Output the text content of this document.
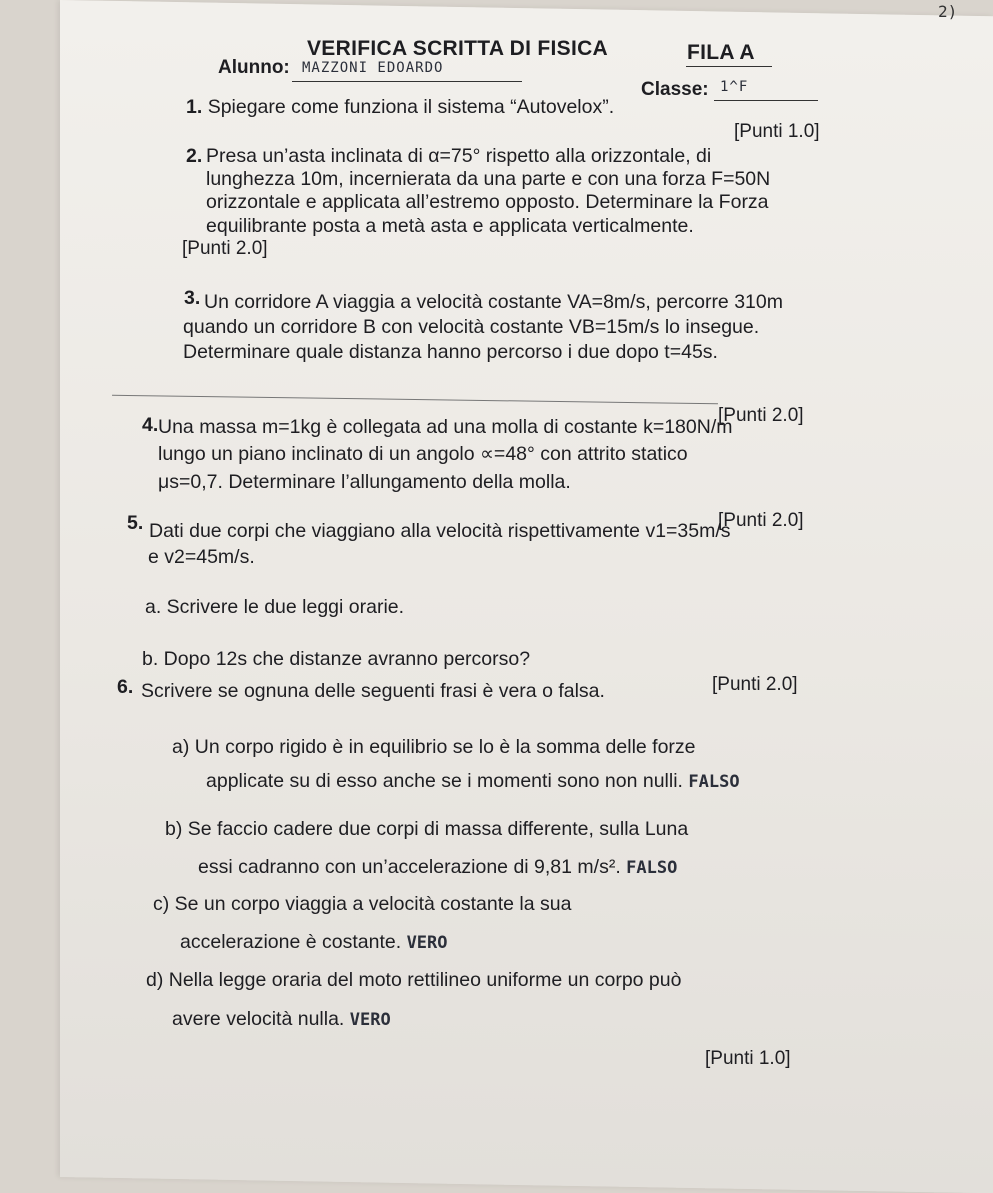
2)
VERIFICA SCRITTA DI FISICA	FILA A
Alunno: MAZZONI EDOARDO
Classe: 1^F
1. Spiegare come funziona il sistema “Autovelox”.
[Punti 1.0]
2. Presa un’asta inclinata di α=75° rispetto alla orizzontale, di
lunghezza 10m, incernierata da una parte e con una forza F=50N
orizzontale e applicata all’estremo opposto. Determinare la Forza
equilibrante posta a metà asta e applicata verticalmente.
[Punti 2.0]
3. Un corridore A viaggia a velocità costante VA=8m/s, percorre 310m
quando un corridore B con velocità costante VB=15m/s lo insegue.
Determinare quale distanza hanno percorso i due dopo t=45s.
[Punti 2.0]
4. Una massa m=1kg è collegata ad una molla di costante k=180N/m
lungo un piano inclinato di un angolo ∝=48° con attrito statico
μs=0,7. Determinare l’allungamento della molla.
[Punti 2.0]
5. Dati due corpi che viaggiano alla velocità rispettivamente v1=35m/s
e v2=45m/s.
a. Scrivere le due leggi orarie.
b. Dopo 12s che distanze avranno percorso?
[Punti 2.0]
6. Scrivere se ognuna delle seguenti frasi è vera o falsa.
a) Un corpo rigido è in equilibrio se lo è la somma delle forze
applicate su di esso anche se i momenti sono non nulli. FALSO
b) Se faccio cadere due corpi di massa differente, sulla Luna
essi cadranno con un’accelerazione di 9,81 m/s². FALSO
c) Se un corpo viaggia a velocità costante la sua
accelerazione è costante. VERO
d) Nella legge oraria del moto rettilineo uniforme un corpo può
avere velocità nulla. VERO
[Punti 1.0]
